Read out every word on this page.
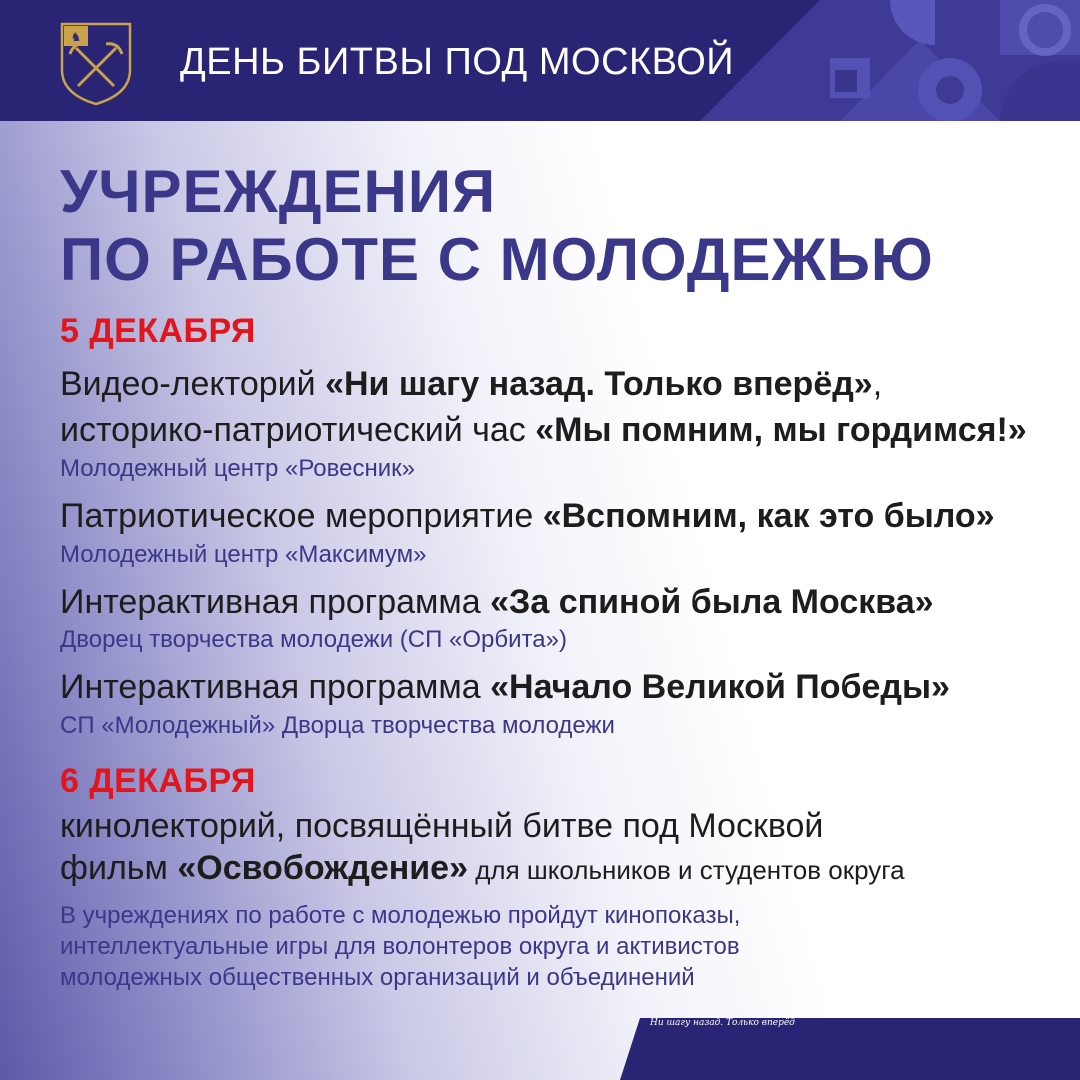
♞
ДЕНЬ БИТВЫ ПОД МОСКВОЙ
УЧРЕЖДЕНИЯ
ПО РАБОТЕ С МОЛОДЕЖЬЮ
5 ДЕКАБРЯ
Видео-лекторий «Ни шагу назад. Только вперёд»,
историко-патриотический час «Мы помним, мы гордимся!»
Молодежный центр «Ровесник»
Патриотическое мероприятие «Вспомним, как это было»
Молодежный центр «Максимум»
Интерактивная программа «За спиной была Москва»
Дворец творчества молодежи (СП «Орбита»)
Интерактивная программа «Начало Великой Победы»
СП «Молодежный» Дворца творчества молодежи
6 ДЕКАБРЯ
кинолекторий, посвящённый битве под Москвой
фильм «Освобождение» для школьников и студентов округа
В учреждениях по работе с молодежью пройдут кинопоказы,
интеллектуальные игры для волонтеров округа и активистов
молодежных общественных организаций и объединений
Ни шагу назад. Только вперёд
